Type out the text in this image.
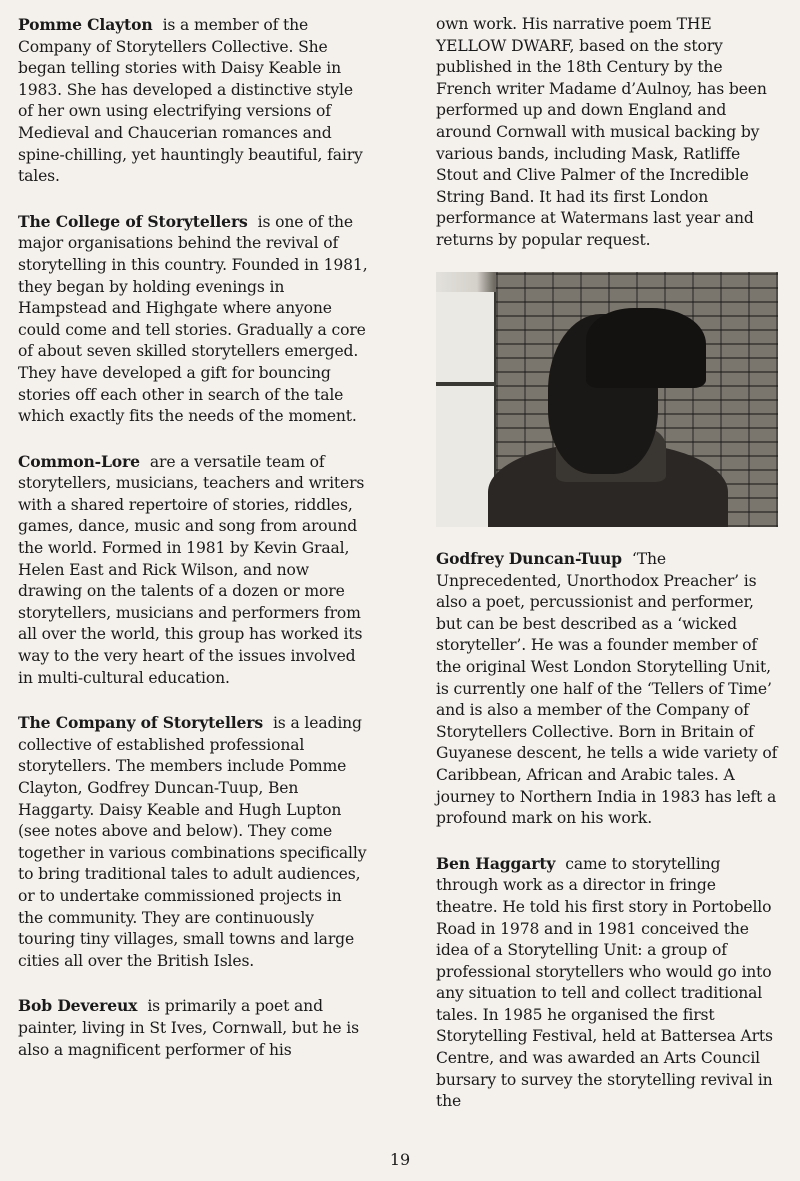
Pomme Clayton is a member of the Company of Storytellers Collective. She began telling stories with Daisy Keable in 1983. She has developed a distinctive style of her own using electrifying versions of Medieval and Chaucerian romances and spine-chilling, yet hauntingly beautiful, fairy tales.

The College of Storytellers is one of the major organisations behind the revival of storytelling in this country. Founded in 1981, they began by holding evenings in Hampstead and Highgate where anyone could come and tell stories. Gradually a core of about seven skilled storytellers emerged. They have developed a gift for bouncing stories off each other in search of the tale which exactly fits the needs of the moment.

Common-Lore are a versatile team of storytellers, musicians, teachers and writers with a shared repertoire of stories, riddles, games, dance, music and song from around the world. Formed in 1981 by Kevin Graal, Helen East and Rick Wilson, and now drawing on the talents of a dozen or more storytellers, musicians and performers from all over the world, this group has worked its way to the very heart of the issues involved in multi-cultural education.

The Company of Storytellers is a leading collective of established professional storytellers. The members include Pomme Clayton, Godfrey Duncan-Tuup, Ben Haggarty. Daisy Keable and Hugh Lupton (see notes above and below). They come together in various combinations specifically to bring traditional tales to adult audiences, or to undertake commissioned projects in the community. They are continuously touring tiny villages, small towns and large cities all over the British Isles.

Bob Devereux is primarily a poet and painter, living in St Ives, Cornwall, but he is also a magnificent performer of his

own work. His narrative poem THE YELLOW DWARF, based on the story published in the 18th Century by the French writer Madame d’Aulnoy, has been performed up and down England and around Cornwall with musical backing by various bands, including Mask, Ratliffe Stout and Clive Palmer of the Incredible String Band. It had its first London performance at Watermans last year and returns by popular request.

Godfrey Duncan-Tuup ‘The Unprecedented, Unorthodox Preacher’ is also a poet, percussionist and performer, but can be best described as a ‘wicked storyteller’. He was a founder member of the original West London Storytelling Unit, is currently one half of the ‘Tellers of Time’ and is also a member of the Company of Storytellers Collective. Born in Britain of Guyanese descent, he tells a wide variety of Caribbean, African and Arabic tales. A journey to Northern India in 1983 has left a profound mark on his work.

Ben Haggarty came to storytelling through work as a director in fringe theatre. He told his first story in Portobello Road in 1978 and in 1981 conceived the idea of a Storytelling Unit: a group of professional storytellers who would go into any situation to tell and collect traditional tales. In 1985 he organised the first Storytelling Festival, held at Battersea Arts Centre, and was awarded an Arts Council bursary to survey the storytelling revival in the

19
